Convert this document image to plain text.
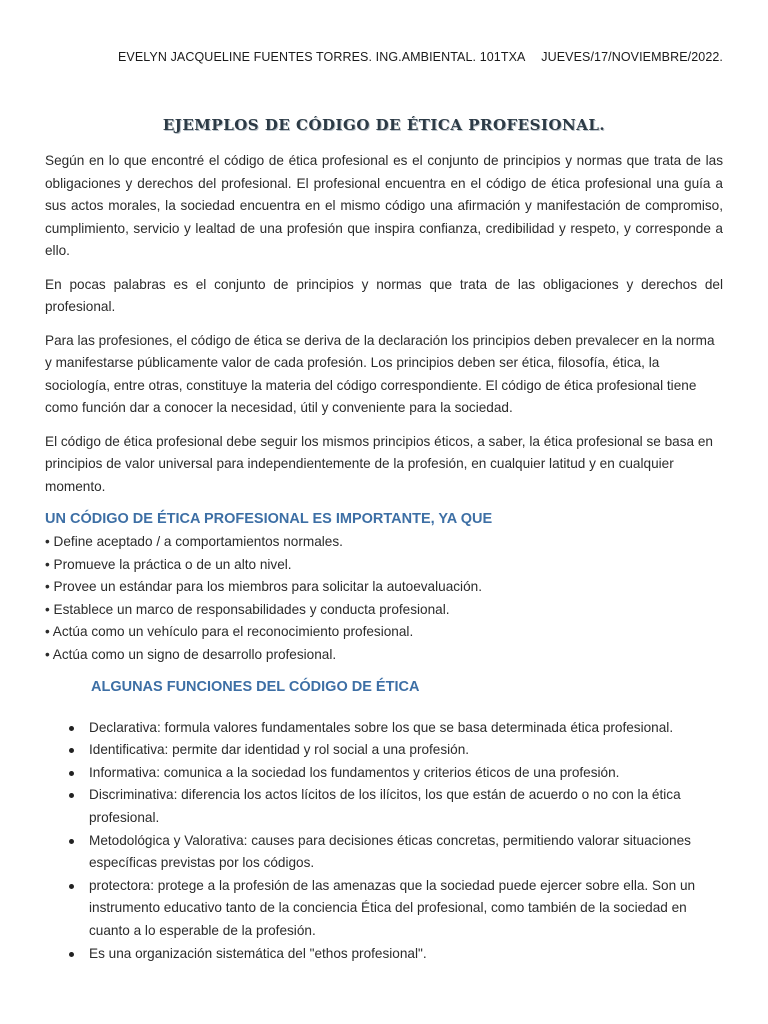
EVELYN JACQUELINE FUENTES TORRES. ING.AMBIENTAL. 101TXA JUEVES/17/NOVIEMBRE/2022.
EJEMPLOS DE CÓDIGO DE ÉTICA PROFESIONAL.

Según en lo que encontré el código de ética profesional es el conjunto de principios y normas que trata de las obligaciones y derechos del profesional. El profesional encuentra en el código de ética profesional una guía a sus actos morales, la sociedad encuentra en el mismo código una afirmación y manifestación de compromiso, cumplimiento, servicio y lealtad de una profesión que inspira confianza, credibilidad y respeto, y corresponde a ello.

En pocas palabras es el conjunto de principios y normas que trata de las obligaciones y derechos del profesional.

Para las profesiones, el código de ética se deriva de la declaración los principios deben prevalecer en la norma y manifestarse públicamente valor de cada profesión. Los principios deben ser ética, filosofía, ética, la sociología, entre otras, constituye la materia del código correspondiente. El código de ética profesional tiene como función dar a conocer la necesidad, útil y conveniente para la sociedad.

El código de ética profesional debe seguir los mismos principios éticos, a saber, la ética profesional se basa en principios de valor universal para independientemente de la profesión, en cualquier latitud y en cualquier momento.

UN CÓDIGO DE ÉTICA PROFESIONAL ES IMPORTANTE, YA QUE
• Define aceptado / a comportamientos normales.
• Promueve la práctica o de un alto nivel.
• Provee un estándar para los miembros para solicitar la autoevaluación.
• Establece un marco de responsabilidades y conducta profesional.
• Actúa como un vehículo para el reconocimiento profesional.
• Actúa como un signo de desarrollo profesional.
ALGUNAS FUNCIONES DEL CÓDIGO DE ÉTICA
Declarativa: formula valores fundamentales sobre los que se basa determinada ética profesional.
Identificativa: permite dar identidad y rol social a una profesión.
Informativa: comunica a la sociedad los fundamentos y criterios éticos de una profesión.
Discriminativa: diferencia los actos lícitos de los ilícitos, los que están de acuerdo o no con la ética profesional.
Metodológica y Valorativa: causes para decisiones éticas concretas, permitiendo valorar situaciones específicas previstas por los códigos.
protectora: protege a la profesión de las amenazas que la sociedad puede ejercer sobre ella. Son un instrumento educativo tanto de la conciencia Ética del profesional, como también de la sociedad en cuanto a lo esperable de la profesión.
Es una organización sistemática del "ethos profesional".
